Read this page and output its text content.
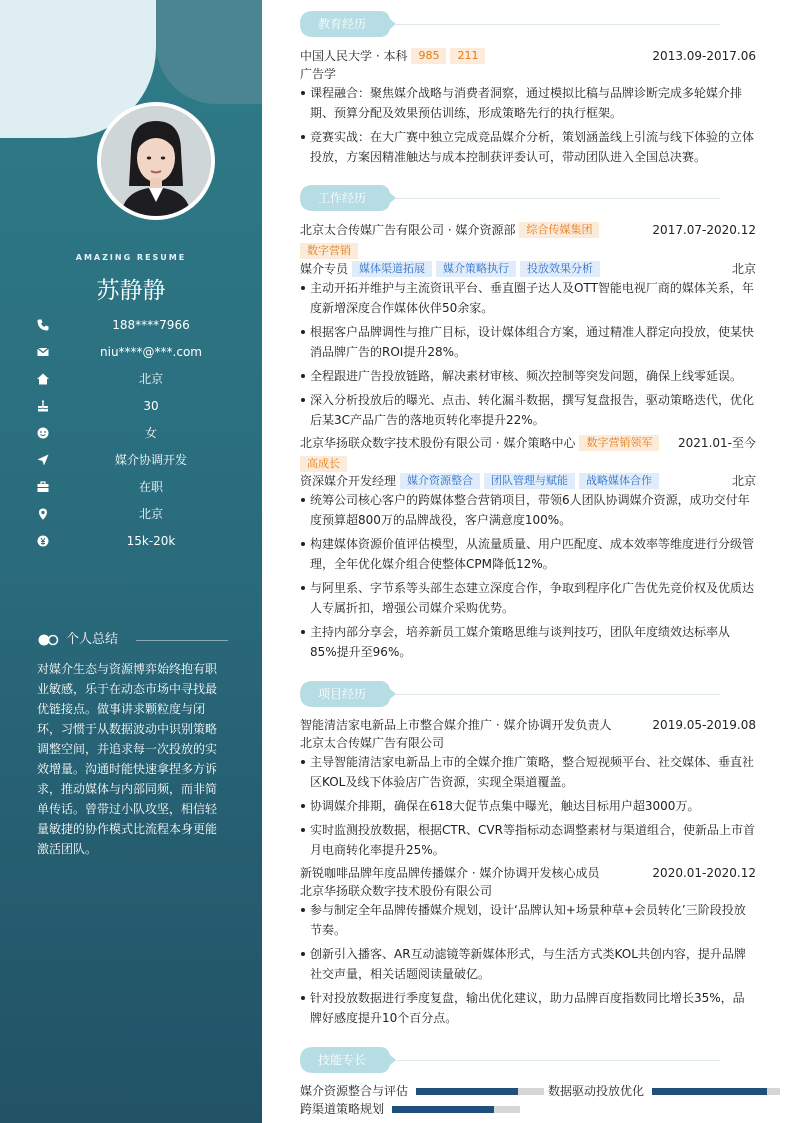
AMAZING RESUME
苏静静
188****7966
niu****@***.com
北京
30
女
媒介协调开发
在职
北京
15k-20k
个人总结
对媒介生态与资源博弈始终抱有职业敏感，乐于在动态市场中寻找最优链接点。做事讲求颗粒度与闭环，习惯于从数据波动中识别策略调整空间，并追求每一次投放的实效增量。沟通时能快速拿捏多方诉求，推动媒体与内部同频，而非简单传话。曾带过小队攻坚，相信轻量敏捷的协作模式比流程本身更能激活团队。
教育经历
中国人民大学 · 本科 985 211	2013.09-2017.06
广告学
课程融合：聚焦媒介战略与消费者洞察，通过模拟比稿与品牌诊断完成多轮媒介排期、预算分配及效果预估训练，形成策略先行的执行框架。
竞赛实战：在大广赛中独立完成竞品媒介分析，策划涵盖线上引流与线下体验的立体投放，方案因精准触达与成本控制获评委认可，带动团队进入全国总决赛。
工作经历
北京太合传媒广告有限公司 · 媒介资源部 综合传媒集团	2017.07-2020.12
数字营销
媒介专员 媒体渠道拓展 媒介策略执行 投放效果分析	北京
主动开拓并维护与主流资讯平台、垂直圈子达人及OTT智能电视厂商的媒体关系，年度新增深度合作媒体伙伴50余家。
根据客户品牌调性与推广目标，设计媒体组合方案，通过精准人群定向投放，使某快消品牌广告的ROI提升28%。
全程跟进广告投放链路，解决素材审核、频次控制等突发问题，确保上线零延误。
深入分析投放后的曝光、点击、转化漏斗数据，撰写复盘报告，驱动策略迭代，优化后某3C产品广告的落地页转化率提升22%。
北京华扬联众数字技术股份有限公司 · 媒介策略中心 数字营销领军	2021.01-至今
高成长
资深媒介开发经理 媒介资源整合 团队管理与赋能 战略媒体合作	北京
统筹公司核心客户的跨媒体整合营销项目，带领6人团队协调媒介资源，成功交付年度预算超800万的品牌战役，客户满意度100%。
构建媒体资源价值评估模型，从流量质量、用户匹配度、成本效率等维度进行分级管理，全年优化媒介组合使整体CPM降低12%。
与阿里系、字节系等头部生态建立深度合作，争取到程序化广告优先竞价权及优质达人专属折扣，增强公司媒介采购优势。
主持内部分享会，培养新员工媒介策略思维与谈判技巧，团队年度绩效达标率从85%提升至96%。
项目经历
智能清洁家电新品上市整合媒介推广 · 媒介协调开发负责人	2019.05-2019.08
北京太合传媒广告有限公司
主导智能清洁家电新品上市的全媒介推广策略，整合短视频平台、社交媒体、垂直社区KOL及线下体验店广告资源，实现全渠道覆盖。
协调媒介排期，确保在618大促节点集中曝光，触达目标用户超3000万。
实时监测投放数据，根据CTR、CVR等指标动态调整素材与渠道组合，使新品上市首月电商转化率提升25%。
新锐咖啡品牌年度品牌传播媒介 · 媒介协调开发核心成员	2020.01-2020.12
北京华扬联众数字技术股份有限公司
参与制定全年品牌传播媒介规划，设计‘品牌认知+场景种草+会员转化’三阶段投放节奏。
创新引入播客、AR互动滤镜等新媒体形式，与生活方式类KOL共创内容，提升品牌社交声量，相关话题阅读量破亿。
针对投放数据进行季度复盘，输出优化建议，助力品牌百度指数同比增长35%，品牌好感度提升10个百分点。
技能专长
媒介资源整合与评估	数据驱动投放优化
跨渠道策略规划
